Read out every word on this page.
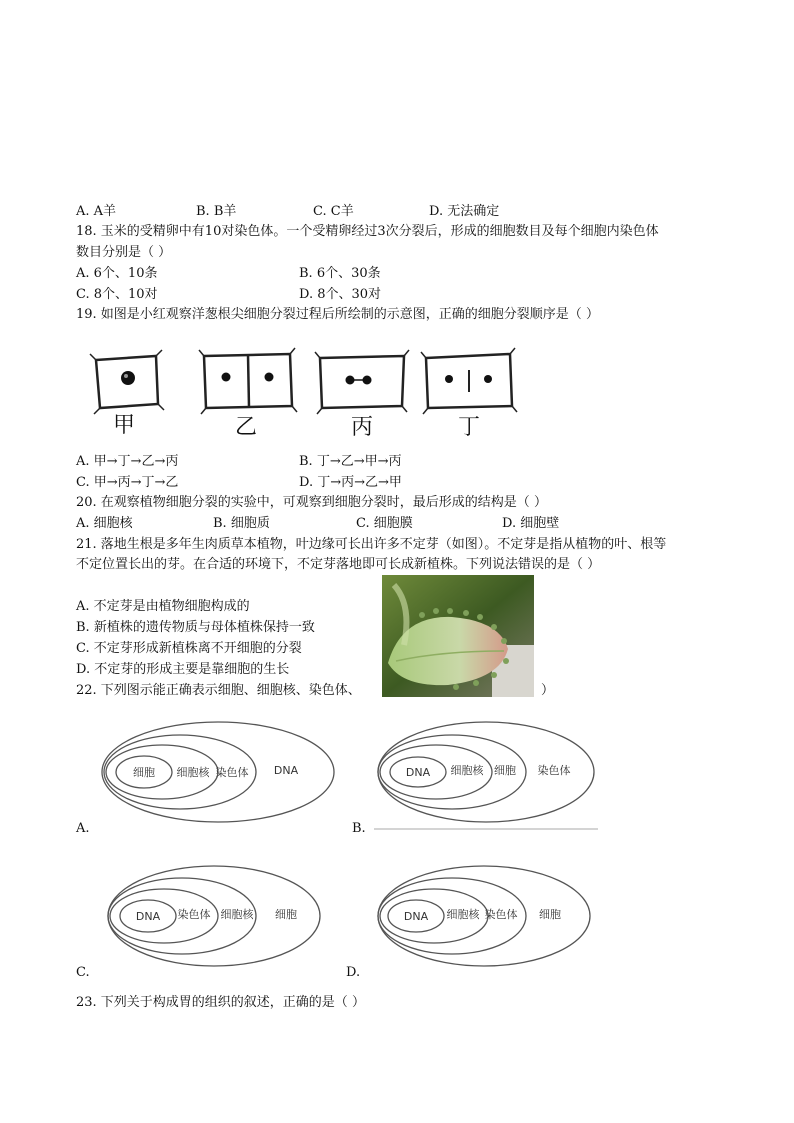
A. A羊	B. B羊	C. C羊	D. 无法确定
18. 玉米的受精卵中有10对染色体。一个受精卵经过3次分裂后，形成的细胞数目及每个细胞内染色体
数目分别是（ ）
A. 6个、10条	B. 6个、30条
C. 8个、10对	D. 8个、30对
19. 如图是小红观察洋葱根尖细胞分裂过程后所绘制的示意图，正确的细胞分裂顺序是（ ）
甲	乙	丙	丁
A. 甲→丁→乙→丙	B. 丁→乙→甲→丙
C. 甲→丙→丁→乙	D. 丁→丙→乙→甲
20. 在观察植物细胞分裂的实验中，可观察到细胞分裂时，最后形成的结构是（ ）
A. 细胞核	B. 细胞质	C. 细胞膜	D. 细胞壁
21. 落地生根是多年生肉质草本植物，叶边缘可长出许多不定芽（如图）。不定芽是指从植物的叶、根等
不定位置长出的芽。在合适的环境下，不定芽落地即可长成新植株。下列说法错误的是（ ）
A. 不定芽是由植物细胞构成的
B. 新植株的遗传物质与母体植株保持一致
C. 不定芽形成新植株离不开细胞的分裂
D. 不定芽的形成主要是靠细胞的生长
22. 下列图示能正确表示细胞、细胞核、染色体、	）
细胞 细胞核 染色体 DNA
A.
DNA 细胞核 细胞 染色体
B.
DNA 染色体 细胞核 细胞
C.
DNA 细胞核 染色体 细胞
D.
23. 下列关于构成胃的组织的叙述，正确的是（ ）
